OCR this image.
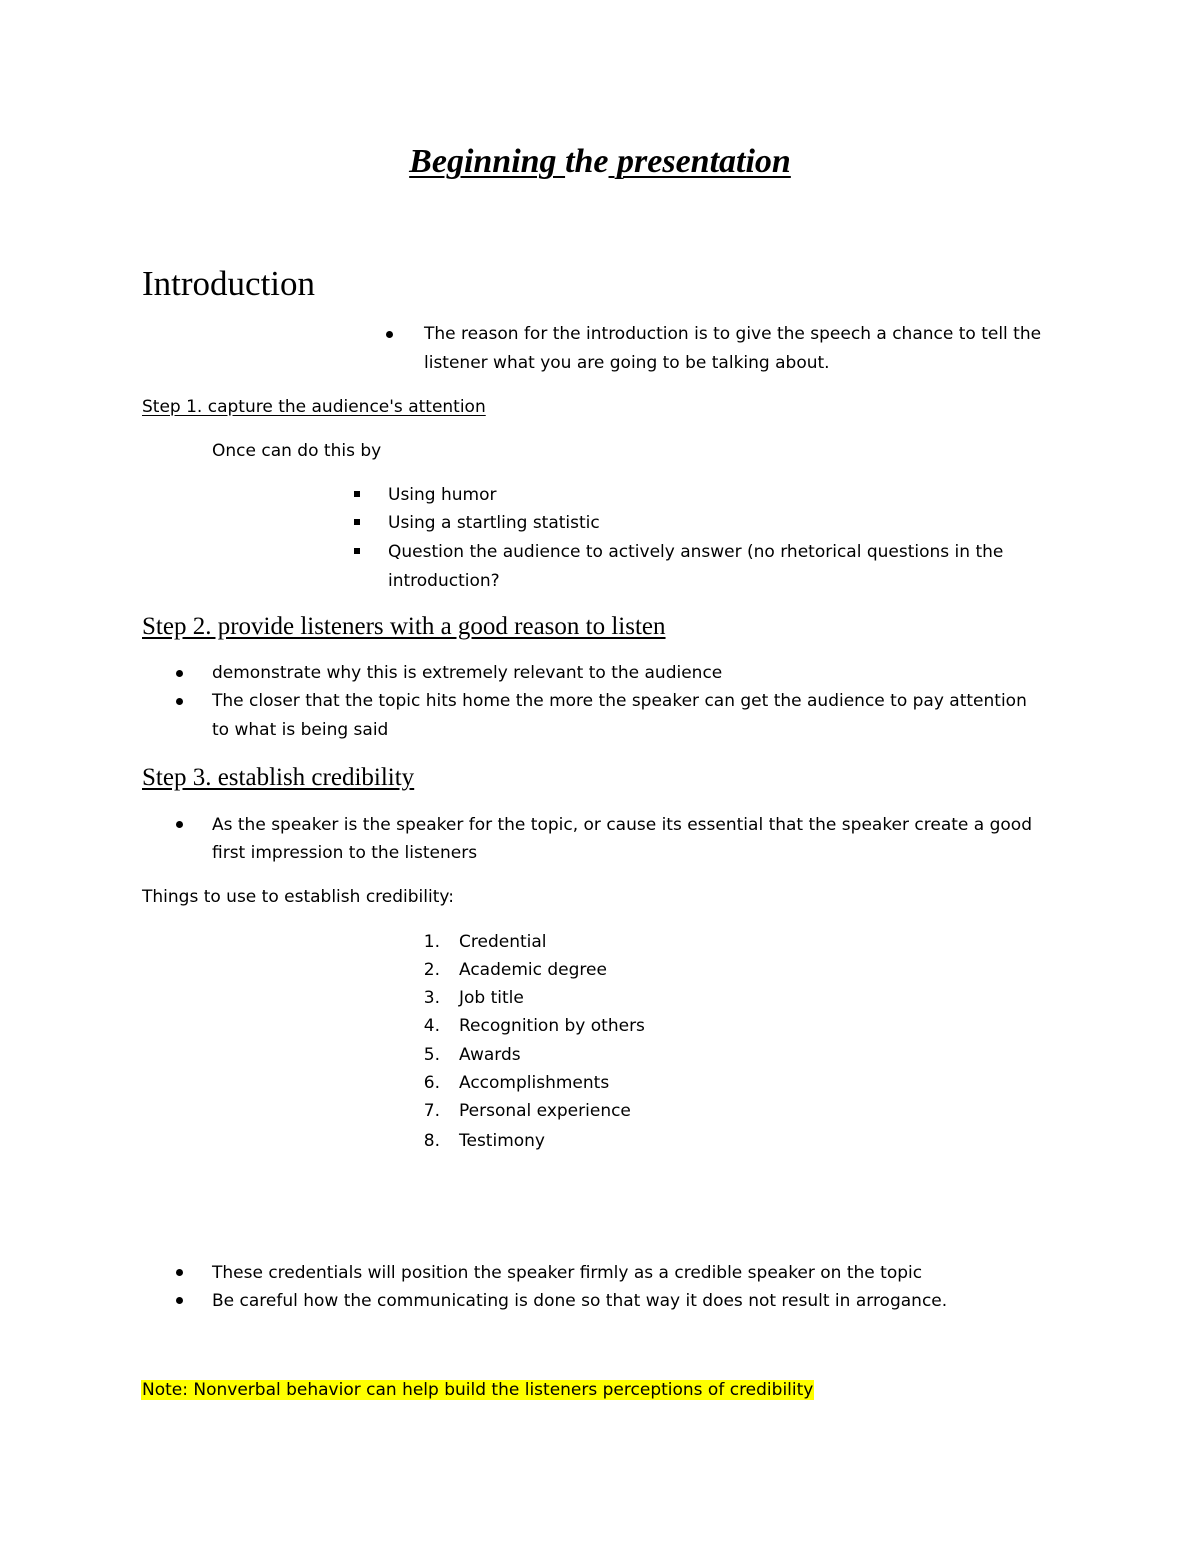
Beginning the presentation
Introduction
The reason for the introduction is to give the speech a chance to tell the
listener what you are going to be talking about.
Step 1. capture the audience's attention
Once can do this by
Using humor
Using a startling statistic
Question the audience to actively answer (no rhetorical questions in the
introduction?
Step 2. provide listeners with a good reason to listen
demonstrate why this is extremely relevant to the audience
The closer that the topic hits home the more the speaker can get the audience to pay attention
to what is being said
Step 3. establish credibility
As the speaker is the speaker for the topic, or cause its essential that the speaker create a good
first impression to the listeners
Things to use to establish credibility:
1. Credential
2. Academic degree
3. Job title
4. Recognition by others
5. Awards
6. Accomplishments
7. Personal experience
8. Testimony
These credentials will position the speaker firmly as a credible speaker on the topic
Be careful how the communicating is done so that way it does not result in arrogance.
Note: Nonverbal behavior can help build the listeners perceptions of credibility
